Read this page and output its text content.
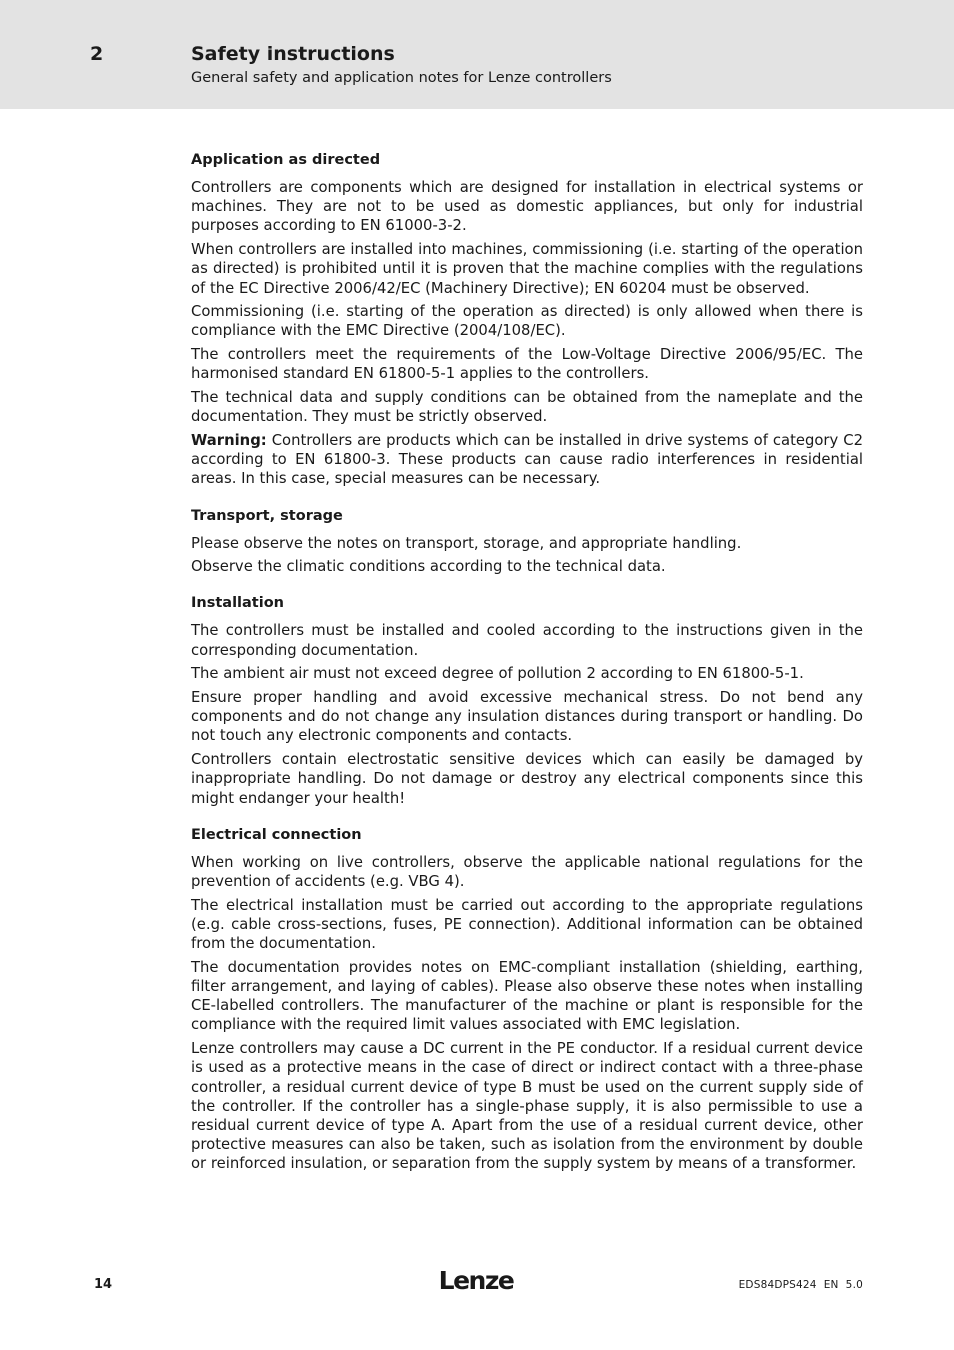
2	Safety instructions
General safety and application notes for Lenze controllers
Application as directed

Controllers are components which are designed for installation in electrical systems or machines. They are not to be used as domestic appliances, but only for industrial purposes according to EN 61000-3-2.

When controllers are installed into machines, commissioning (i.e. starting of the operation as directed) is prohibited until it is proven that the machine complies with the regulations of the EC Directive 2006/42/EC (Machinery Directive); EN 60204 must be observed.

Commissioning (i.e. starting of the operation as directed) is only allowed when there is compliance with the EMC Directive (2004/108/EC).

The controllers meet the requirements of the Low-Voltage Directive 2006/95/EC. The harmonised standard EN 61800-5-1 applies to the controllers.

The technical data and supply conditions can be obtained from the nameplate and the documentation. They must be strictly observed.

Warning: Controllers are products which can be installed in drive systems of category C2 according to EN 61800-3. These products can cause radio interferences in residential areas. In this case, special measures can be necessary.

Transport, storage

Please observe the notes on transport, storage, and appropriate handling.

Observe the climatic conditions according to the technical data.

Installation

The controllers must be installed and cooled according to the instructions given in the corresponding documentation.

The ambient air must not exceed degree of pollution 2 according to EN 61800-5-1.

Ensure proper handling and avoid excessive mechanical stress. Do not bend any components and do not change any insulation distances during transport or handling. Do not touch any electronic components and contacts.

Controllers contain electrostatic sensitive devices which can easily be damaged by inappropriate handling. Do not damage or destroy any electrical components since this might endanger your health!

Electrical connection

When working on live controllers, observe the applicable national regulations for the prevention of accidents (e.g. VBG 4).

The electrical installation must be carried out according to the appropriate regulations (e.g. cable cross-sections, fuses, PE connection). Additional information can be obtained from the documentation.

The documentation provides notes on EMC-compliant installation (shielding, earthing, filter arrangement, and laying of cables). Please also observe these notes when installing CE-labelled controllers. The manufacturer of the machine or plant is responsible for the compliance with the required limit values associated with EMC legislation.

Lenze controllers may cause a DC current in the PE conductor. If a residual current device is used as a protective means in the case of direct or indirect contact with a three-phase controller, a residual current device of type B must be used on the current supply side of the controller. If the controller has a single-phase supply, it is also permissible to use a residual current device of type A. Apart from the use of a residual current device, other protective measures can also be taken, such as isolation from the environment by double or reinforced insulation, or separation from the supply system by means of a transformer.

14	Lenze	EDS84DPS424  EN  5.0
